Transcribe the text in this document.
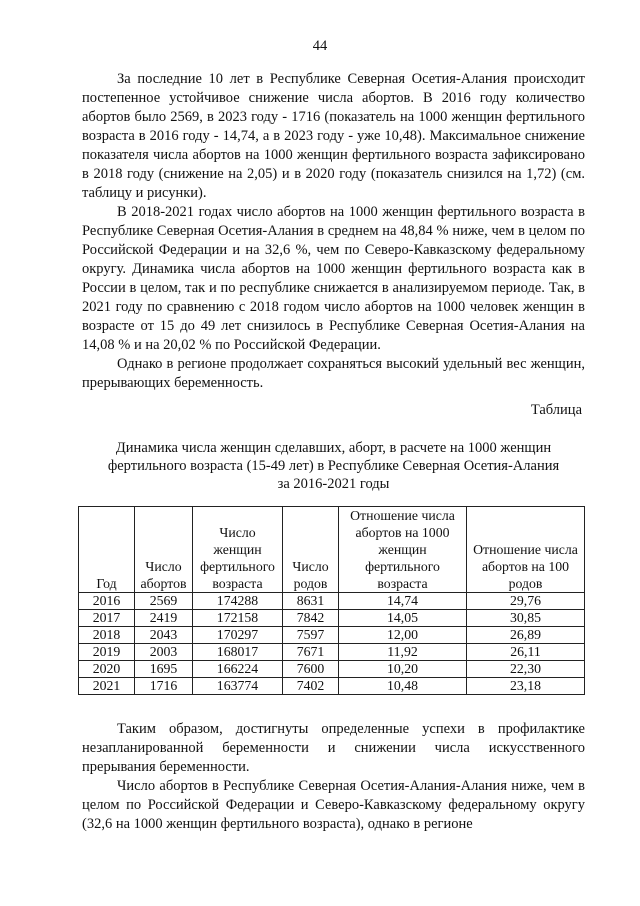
44

За последние 10 лет в Республике Северная Осетия-Алания происходит постепенное устойчивое снижение числа абортов. В 2016 году количество абортов было 2569, в 2023 году - 1716 (показатель на 1000 женщин фертильного возраста в 2016 году - 14,74, а в 2023 году - уже 10,48). Максимальное снижение показателя числа абортов на 1000 женщин фертильного возраста зафиксировано в 2018 году (снижение на 2,05) и в 2020 году (показатель снизился на 1,72) (см. таблицу и рисунки).

В 2018-2021 годах число абортов на 1000 женщин фертильного возраста в Республике Северная Осетия-Алания в среднем на 48,84 % ниже, чем в целом по Российской Федерации и на 32,6 %, чем по Северо-Кавказскому федеральному округу. Динамика числа абортов на 1000 женщин фертильного возраста как в России в целом, так и по республике снижается в анализируемом периоде. Так, в 2021 году по сравнению с 2018 годом число абортов на 1000 человек женщин в возрасте от 15 до 49 лет снизилось в Республике Северная Осетия-Алания на 14,08 % и на 20,02 % по Российской Федерации.

Однако в регионе продолжает сохраняться высокий удельный вес женщин, прерывающих беременность.

Таблица

Динамика числа женщин сделавших, аборт, в расчете на 1000 женщин
фертильного возраста (15-49 лет) в Республике Северная Осетия-Алания
за 2016-2021 годы

Год	Число абортов	Число женщин фертильного возраста	Число родов	Отношение числа абортов на 1000 женщин фертильного возраста	Отношение числа абортов на 100 родов
2016	2569	174288	8631	14,74	29,76
2017	2419	172158	7842	14,05	30,85
2018	2043	170297	7597	12,00	26,89
2019	2003	168017	7671	11,92	26,11
2020	1695	166224	7600	10,20	22,30
2021	1716	163774	7402	10,48	23,18

Таким образом, достигнуты определенные успехи в профилактике незапланированной беременности и снижении числа искусственного прерывания беременности.

Число абортов в Республике Северная Осетия-Алания-Алания ниже, чем в целом по Российской Федерации и Северо-Кавказскому федеральному округу (32,6 на 1000 женщин фертильного возраста), однако в регионе
